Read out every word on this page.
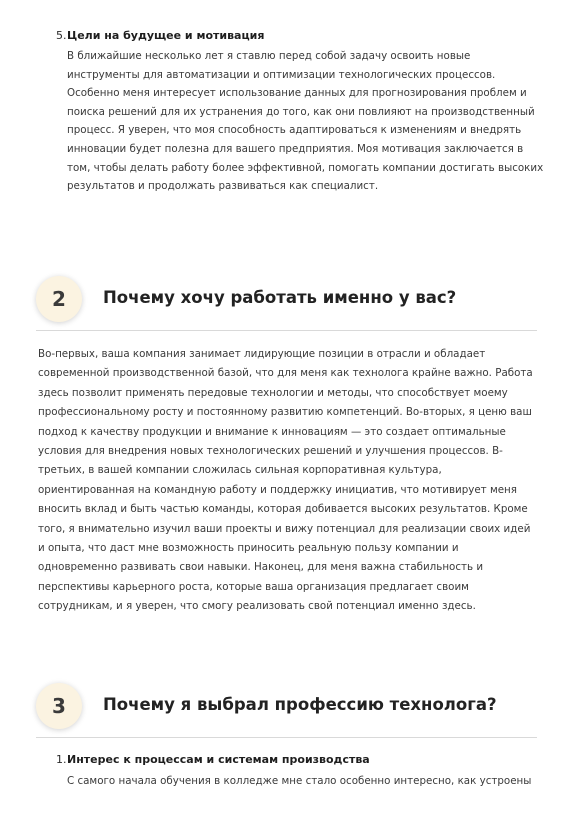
5. Цели на будущее и мотивация
В ближайшие несколько лет я ставлю перед собой задачу освоить новые инструменты для автоматизации и оптимизации технологических процессов. Особенно меня интересует использование данных для прогнозирования проблем и поиска решений для их устранения до того, как они повлияют на производственный процесс. Я уверен, что моя способность адаптироваться к изменениям и внедрять инновации будет полезна для вашего предприятия. Моя мотивация заключается в том, чтобы делать работу более эффективной, помогать компании достигать высоких результатов и продолжать развиваться как специалист.
2	Почему хочу работать именно у вас?
Во-первых, ваша компания занимает лидирующие позиции в отрасли и обладает современной производственной базой, что для меня как технолога крайне важно. Работа здесь позволит применять передовые технологии и методы, что способствует моему профессиональному росту и постоянному развитию компетенций. Во-вторых, я ценю ваш подход к качеству продукции и внимание к инновациям — это создает оптимальные условия для внедрения новых технологических решений и улучшения процессов. В-третьих, в вашей компании сложилась сильная корпоративная культура, ориентированная на командную работу и поддержку инициатив, что мотивирует меня вносить вклад и быть частью команды, которая добивается высоких результатов. Кроме того, я внимательно изучил ваши проекты и вижу потенциал для реализации своих идей и опыта, что даст мне возможность приносить реальную пользу компании и одновременно развивать свои навыки. Наконец, для меня важна стабильность и перспективы карьерного роста, которые ваша организация предлагает своим сотрудникам, и я уверен, что смогу реализовать свой потенциал именно здесь.
3	Почему я выбрал профессию технолога?
1. Интерес к процессам и системам производства
С самого начала обучения в колледже мне стало особенно интересно, как устроены
